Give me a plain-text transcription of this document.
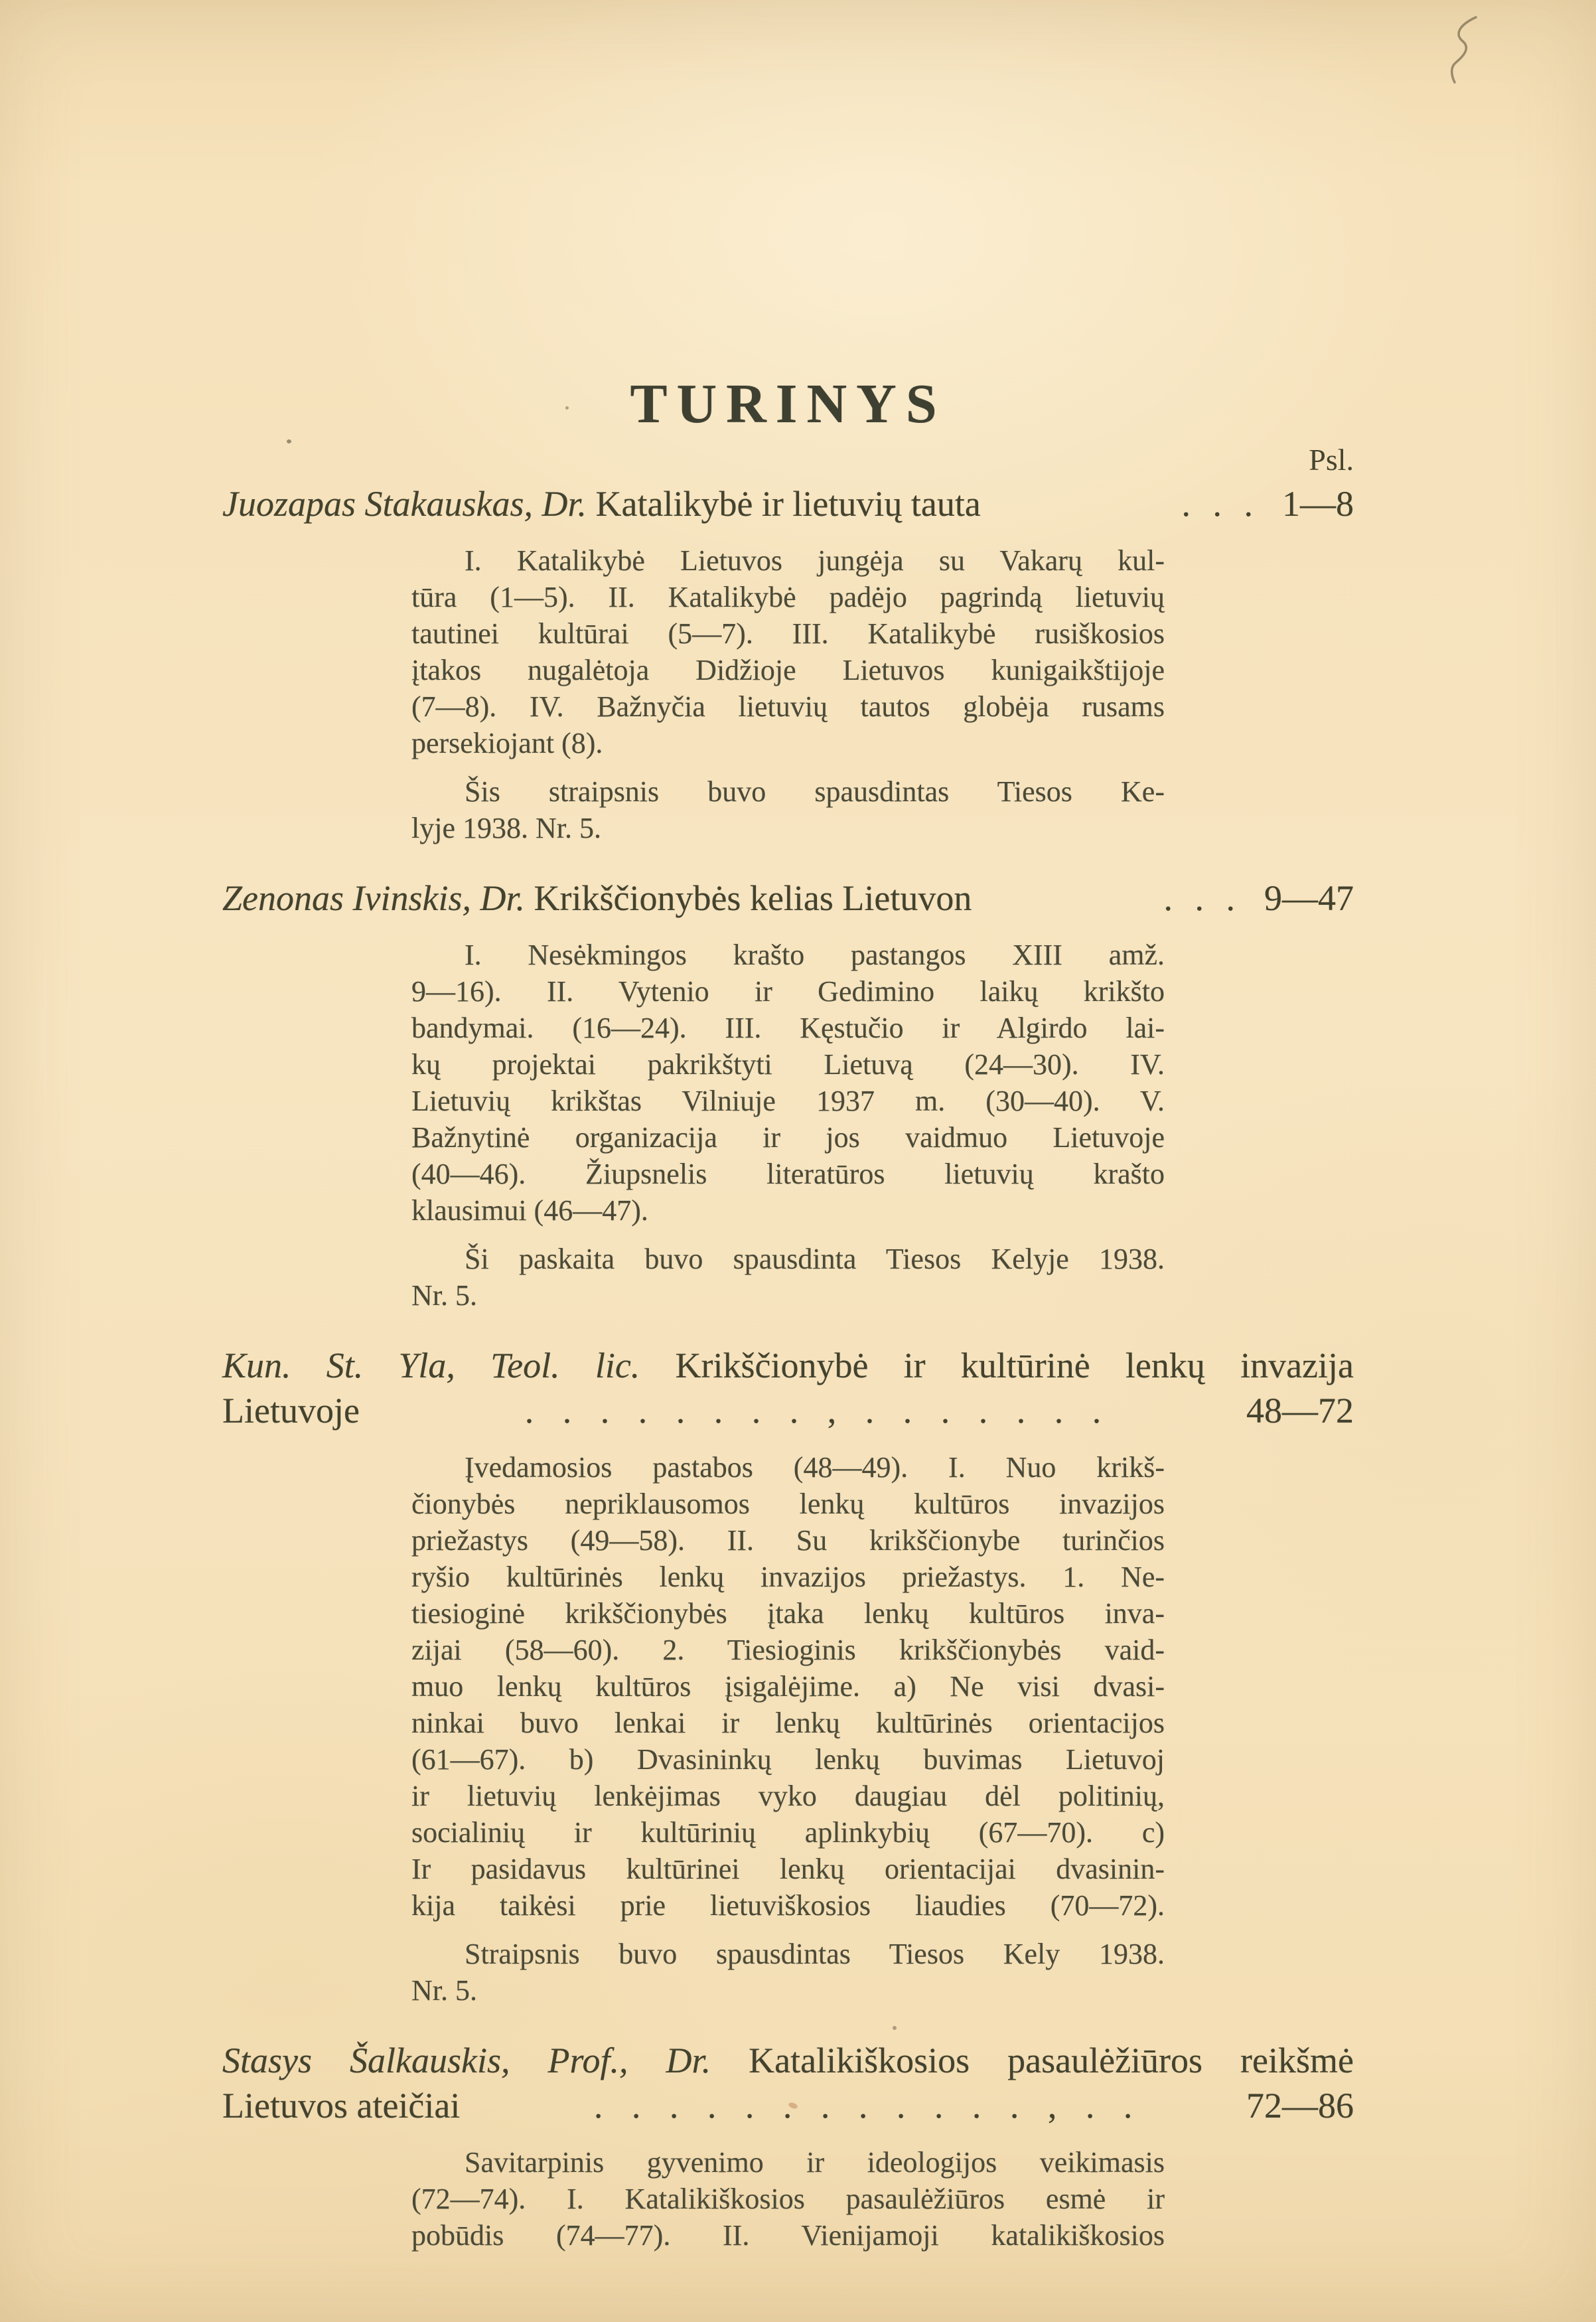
TURINYS
Psl.
Juozapas Stakauskas, Dr. Katalikybė ir lietuvių tauta	. . . 1—8
I. Katalikybė Lietuvos jungėja su Vakarų kul-
tūra (1—5). II. Katalikybė padėjo pagrindą lietuvių
tautinei kultūrai (5—7). III. Katalikybė rusiškosios
įtakos nugalėtoja Didžioje Lietuvos kunigaikštijoje
(7—8). IV. Bažnyčia lietuvių tautos globėja rusams
persekiojant (8).
Šis straipsnis buvo spausdintas Tiesos Ke-
lyje 1938. Nr. 5.
Zenonas Ivinskis, Dr. Krikščionybės kelias Lietuvon	. . . 9—47
I. Nesėkmingos krašto pastangos XIII amž.
9—16). II. Vytenio ir Gedimino laikų krikšto
bandymai. (16—24). III. Kęstučio ir Algirdo lai-
kų projektai pakrikštyti Lietuvą (24—30). IV.
Lietuvių krikštas Vilniuje 1937 m. (30—40). V.
Bažnytinė organizacija ir jos vaidmuo Lietuvoje
(40—46). Žiupsnelis literatūros lietuvių krašto
klausimui (46—47).
Ši paskaita buvo spausdinta Tiesos Kelyje 1938.
Nr. 5.
Kun. St. Yla, Teol. lic. Krikščionybė ir kultūrinė lenkų invazija
Lietuvoje	. . . . . . . . , . . . . . . .	48—72
Įvedamosios pastabos (48—49). I. Nuo krikš-
čionybės nepriklausomos lenkų kultūros invazijos
priežastys (49—58). II. Su krikščionybe turinčios
ryšio kultūrinės lenkų invazijos priežastys. 1. Ne-
tiesioginė krikščionybės įtaka lenkų kultūros inva-
zijai (58—60). 2. Tiesioginis krikščionybės vaid-
muo lenkų kultūros įsigalėjime. a) Ne visi dvasi-
ninkai buvo lenkai ir lenkų kultūrinės orientacijos
(61—67). b) Dvasininkų lenkų buvimas Lietuvoj
ir lietuvių lenkėjimas vyko daugiau dėl politinių,
socialinių ir kultūrinių aplinkybių (67—70). c)
Ir pasidavus kultūrinei lenkų orientacijai dvasinin-
kija taikėsi prie lietuviškosios liaudies (70—72).
Straipsnis buvo spausdintas Tiesos Kely 1938.
Nr. 5.
Stasys Šalkauskis, Prof., Dr. Katalikiškosios pasaulėžiūros reikšmė
Lietuvos ateičiai	. . . . . . . . . . . . , . .	72—86
Savitarpinis gyvenimo ir ideologijos veikimasis
(72—74). I. Katalikiškosios pasaulėžiūros esmė ir
pobūdis (74—77). II. Vienijamoji katalikiškosios
